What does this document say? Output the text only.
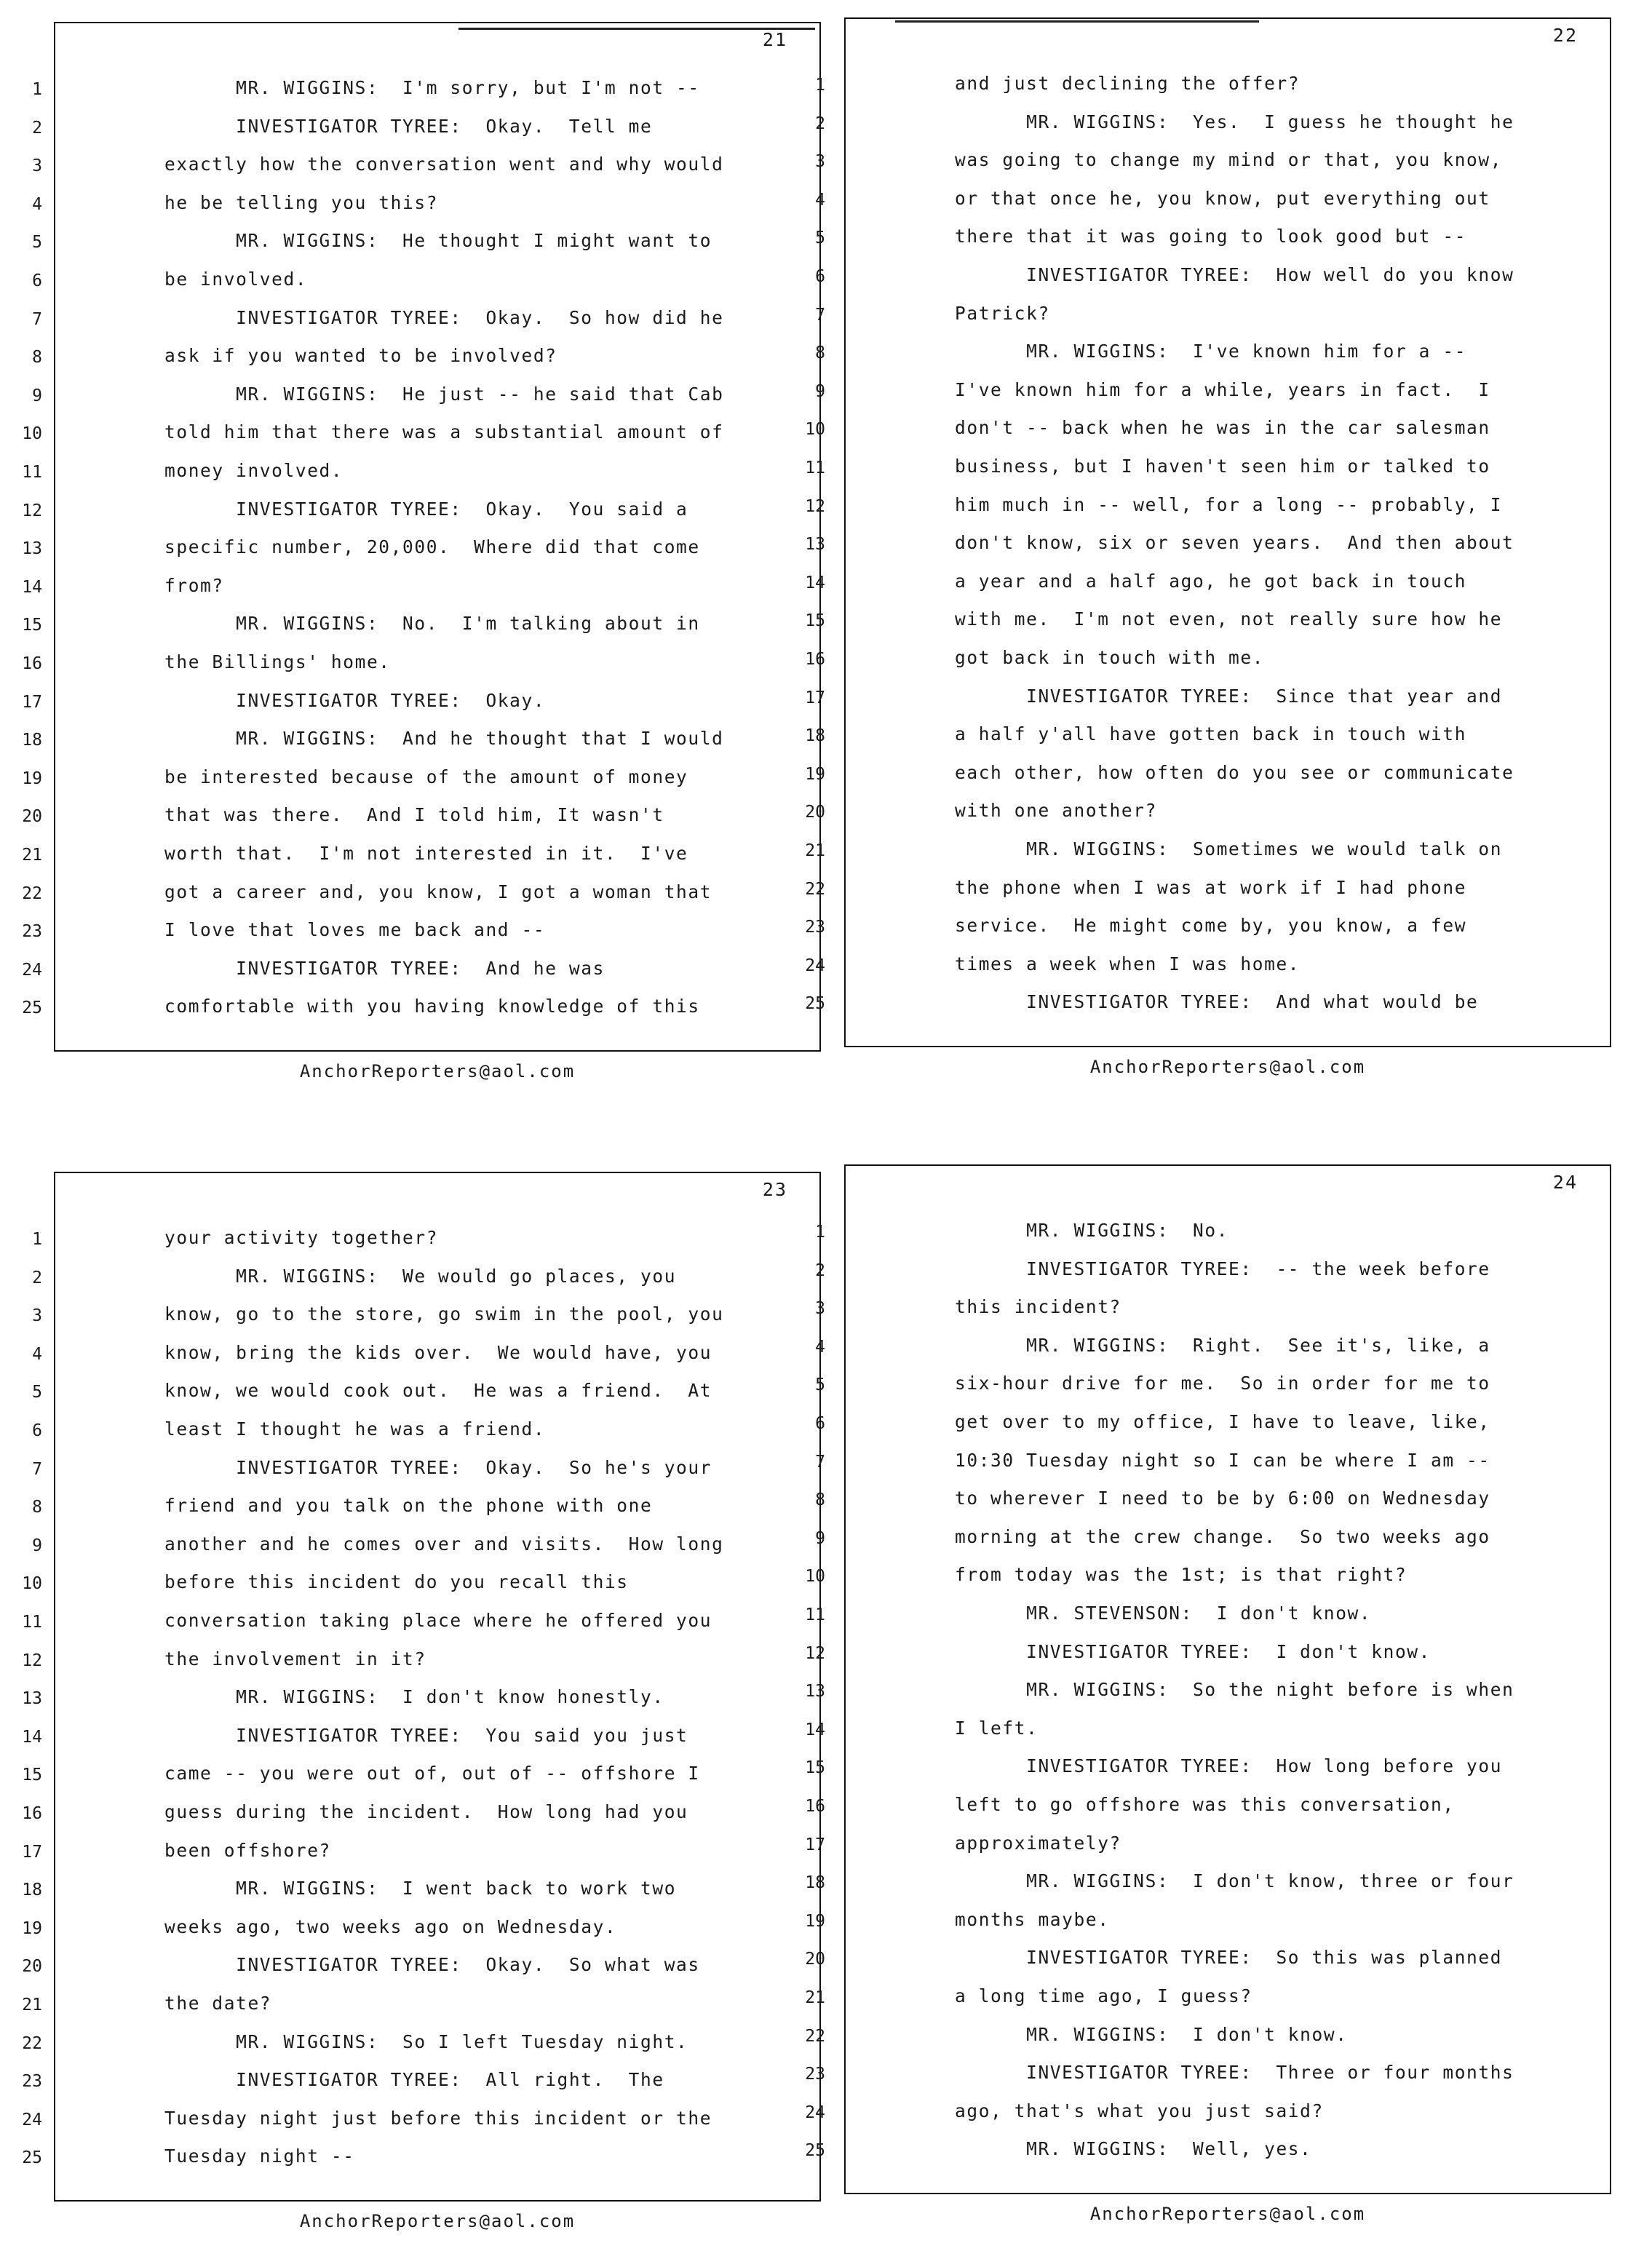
21
1	MR. WIGGINS:  I'm sorry, but I'm not --
2	INVESTIGATOR TYREE:  Okay.  Tell me
3	exactly how the conversation went and why would
4	he be telling you this?
5	MR. WIGGINS:  He thought I might want to
6	be involved.
7	INVESTIGATOR TYREE:  Okay.  So how did he
8	ask if you wanted to be involved?
9	MR. WIGGINS:  He just -- he said that Cab
10	told him that there was a substantial amount of
11	money involved.
12	INVESTIGATOR TYREE:  Okay.  You said a
13	specific number, 20,000.  Where did that come
14	from?
15	MR. WIGGINS:  No.  I'm talking about in
16	the Billings' home.
17	INVESTIGATOR TYREE:  Okay.
18	MR. WIGGINS:  And he thought that I would
19	be interested because of the amount of money
20	that was there.  And I told him, It wasn't
21	worth that.  I'm not interested in it.  I've
22	got a career and, you know, I got a woman that
23	I love that loves me back and --
24	INVESTIGATOR TYREE:  And he was
25	comfortable with you having knowledge of this
AnchorReporters@aol.com
22
1	and just declining the offer?
2	MR. WIGGINS:  Yes.  I guess he thought he
3	was going to change my mind or that, you know,
4	or that once he, you know, put everything out
5	there that it was going to look good but --
6	INVESTIGATOR TYREE:  How well do you know
7	Patrick?
8	MR. WIGGINS:  I've known him for a --
9	I've known him for a while, years in fact.  I
10	don't -- back when he was in the car salesman
11	business, but I haven't seen him or talked to
12	him much in -- well, for a long -- probably, I
13	don't know, six or seven years.  And then about
14	a year and a half ago, he got back in touch
15	with me.  I'm not even, not really sure how he
16	got back in touch with me.
17	INVESTIGATOR TYREE:  Since that year and
18	a half y'all have gotten back in touch with
19	each other, how often do you see or communicate
20	with one another?
21	MR. WIGGINS:  Sometimes we would talk on
22	the phone when I was at work if I had phone
23	service.  He might come by, you know, a few
24	times a week when I was home.
25	INVESTIGATOR TYREE:  And what would be
AnchorReporters@aol.com
23
1	your activity together?
2	MR. WIGGINS:  We would go places, you
3	know, go to the store, go swim in the pool, you
4	know, bring the kids over.  We would have, you
5	know, we would cook out.  He was a friend.  At
6	least I thought he was a friend.
7	INVESTIGATOR TYREE:  Okay.  So he's your
8	friend and you talk on the phone with one
9	another and he comes over and visits.  How long
10	before this incident do you recall this
11	conversation taking place where he offered you
12	the involvement in it?
13	MR. WIGGINS:  I don't know honestly.
14	INVESTIGATOR TYREE:  You said you just
15	came -- you were out of, out of -- offshore I
16	guess during the incident.  How long had you
17	been offshore?
18	MR. WIGGINS:  I went back to work two
19	weeks ago, two weeks ago on Wednesday.
20	INVESTIGATOR TYREE:  Okay.  So what was
21	the date?
22	MR. WIGGINS:  So I left Tuesday night.
23	INVESTIGATOR TYREE:  All right.  The
24	Tuesday night just before this incident or the
25	Tuesday night --
AnchorReporters@aol.com
24
1	MR. WIGGINS:  No.
2	INVESTIGATOR TYREE:  -- the week before
3	this incident?
4	MR. WIGGINS:  Right.  See it's, like, a
5	six-hour drive for me.  So in order for me to
6	get over to my office, I have to leave, like,
7	10:30 Tuesday night so I can be where I am --
8	to wherever I need to be by 6:00 on Wednesday
9	morning at the crew change.  So two weeks ago
10	from today was the 1st; is that right?
11	MR. STEVENSON:  I don't know.
12	INVESTIGATOR TYREE:  I don't know.
13	MR. WIGGINS:  So the night before is when
14	I left.
15	INVESTIGATOR TYREE:  How long before you
16	left to go offshore was this conversation,
17	approximately?
18	MR. WIGGINS:  I don't know, three or four
19	months maybe.
20	INVESTIGATOR TYREE:  So this was planned
21	a long time ago, I guess?
22	MR. WIGGINS:  I don't know.
23	INVESTIGATOR TYREE:  Three or four months
24	ago, that's what you just said?
25	MR. WIGGINS:  Well, yes.
AnchorReporters@aol.com
